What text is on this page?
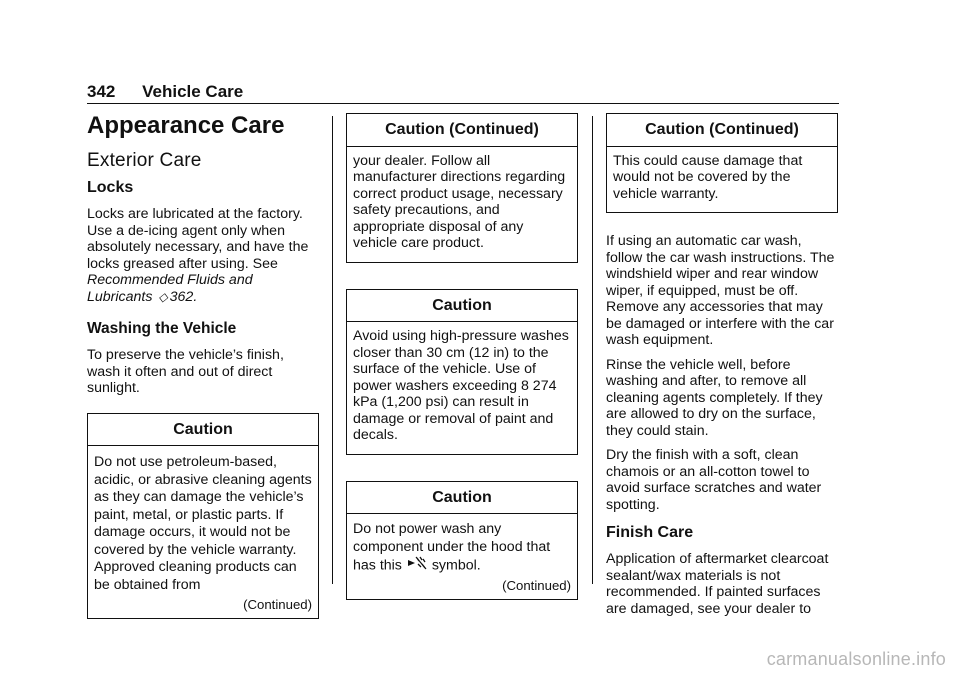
342 Vehicle Care
Appearance Care
Exterior Care
Locks

Locks are lubricated at the factory. Use a de-icing agent only when absolutely necessary, and have the locks greased after using. See Recommended Fluids and Lubricants ◇ 362.

Washing the Vehicle

To preserve the vehicle’s finish, wash it often and out of direct sunlight.

Caution

Do not use petroleum-based, acidic, or abrasive cleaning agents as they can damage the vehicle’s paint, metal, or plastic parts. If damage occurs, it would not be covered by the vehicle warranty. Approved cleaning products can be obtained from

(Continued)
Caution (Continued)

your dealer. Follow all manufacturer directions regarding correct product usage, necessary safety precautions, and appropriate disposal of any vehicle care product.

Caution

Avoid using high-pressure washes closer than 30 cm (12 in) to the surface of the vehicle. Use of power washers exceeding 8 274 kPa (1,200 psi) can result in damage or removal of paint and decals.

Caution

Do not power wash any component under the hood that has this symbol.

(Continued)
Caution (Continued)

This could cause damage that would not be covered by the vehicle warranty.

If using an automatic car wash, follow the car wash instructions. The windshield wiper and rear window wiper, if equipped, must be off. Remove any accessories that may be damaged or interfere with the car wash equipment.

Rinse the vehicle well, before washing and after, to remove all cleaning agents completely. If they are allowed to dry on the surface, they could stain.

Dry the finish with a soft, clean chamois or an all-cotton towel to avoid surface scratches and water spotting.

Finish Care

Application of aftermarket clearcoat sealant/wax materials is not recommended. If painted surfaces are damaged, see your dealer to

carmanualsonline.info
